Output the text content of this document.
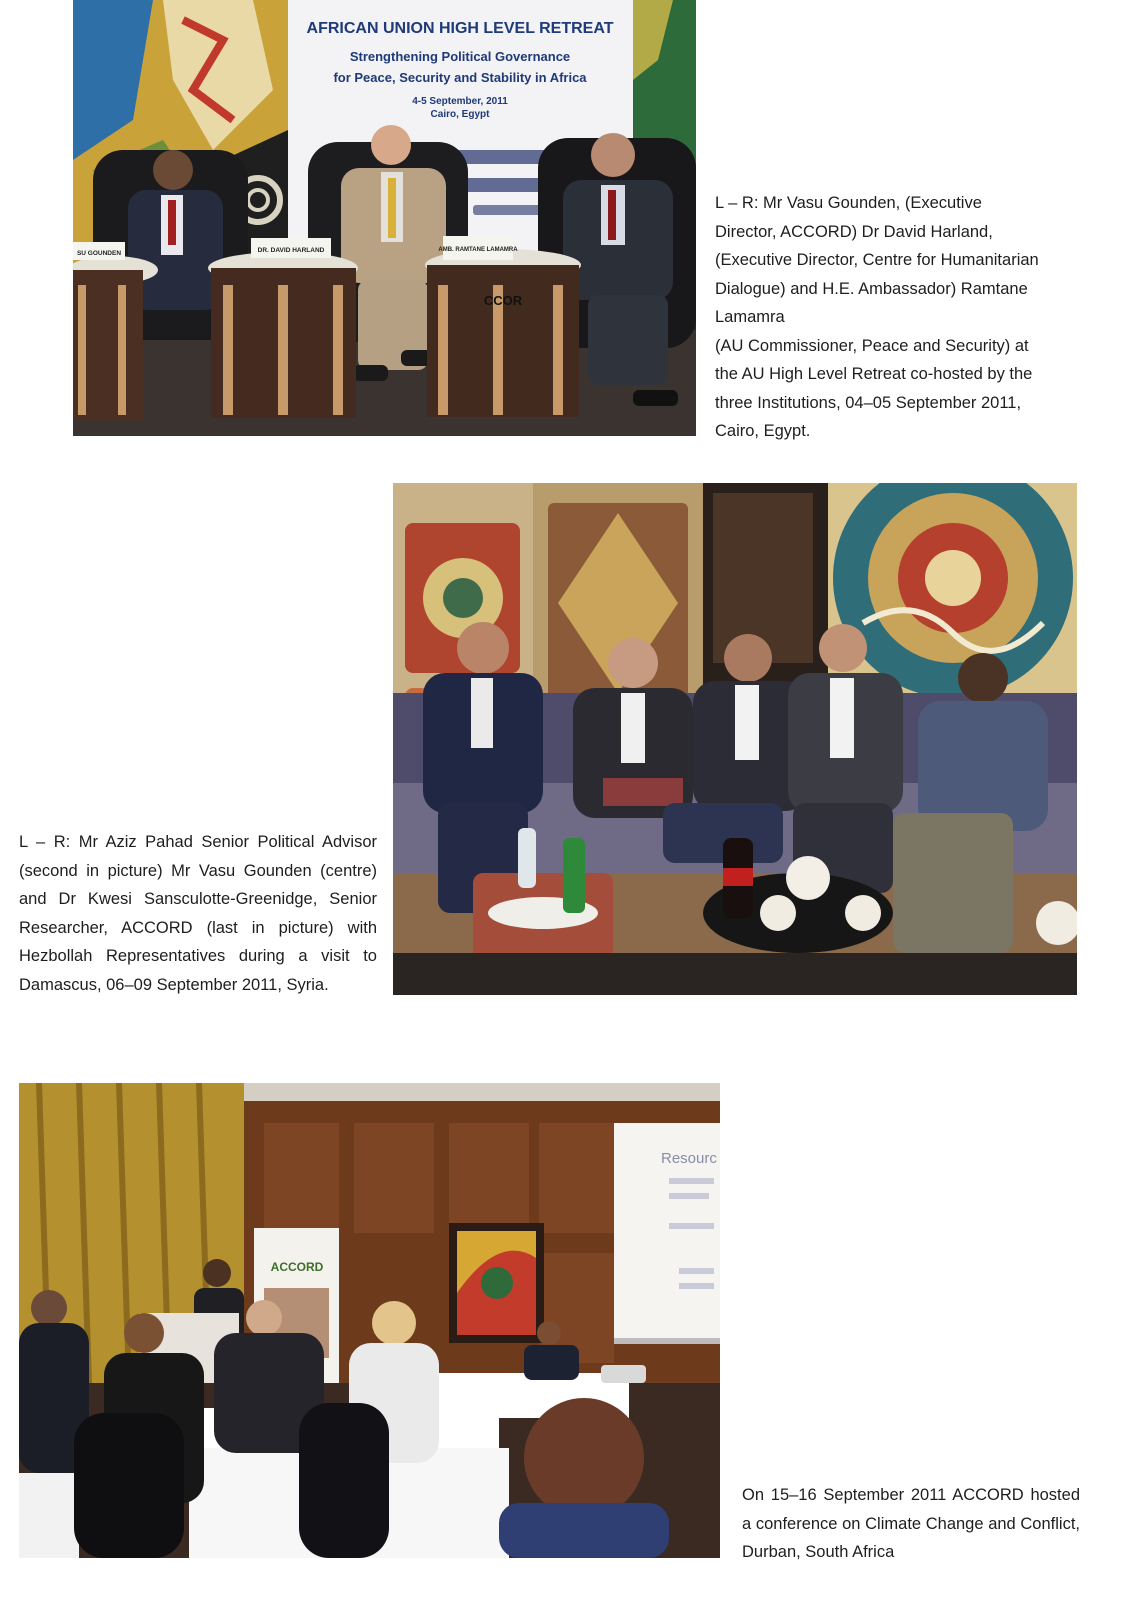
AFRICAN UNION HIGH LEVEL RETREAT
Strengthening Political Governance
for Peace, Security and Stability in Africa
4-5 September, 2011
Cairo, Egypt
SU GOUNDEN	DR. DAVID HARLAND	AMB. RAMTANE LAMAMRA
CCOR

L – R: Mr Vasu Gounden, (Executive

Director, ACCORD) Dr David Harland,

(Executive Director, Centre for Humanitarian

Dialogue) and H.E. Ambassador) Ramtane

Lamamra

(AU Commissioner, Peace and Security) at

the AU High Level Retreat co-hosted by the

three Institutions, 04–05 September 2011,

Cairo, Egypt.

L – R: Mr Aziz Pahad Senior Political Advisor (second in picture) Mr Vasu Gounden (centre) and Dr Kwesi Sansculotte-Greenidge, Senior Researcher, ACCORD (last in picture) with Hezbollah Representatives during a visit to Damascus, 06–09 September 2011, Syria.

Resourc
ACCORD

On 15–16 September 2011 ACCORD hosted a conference on Climate Change and Conflict, Durban, South Africa
